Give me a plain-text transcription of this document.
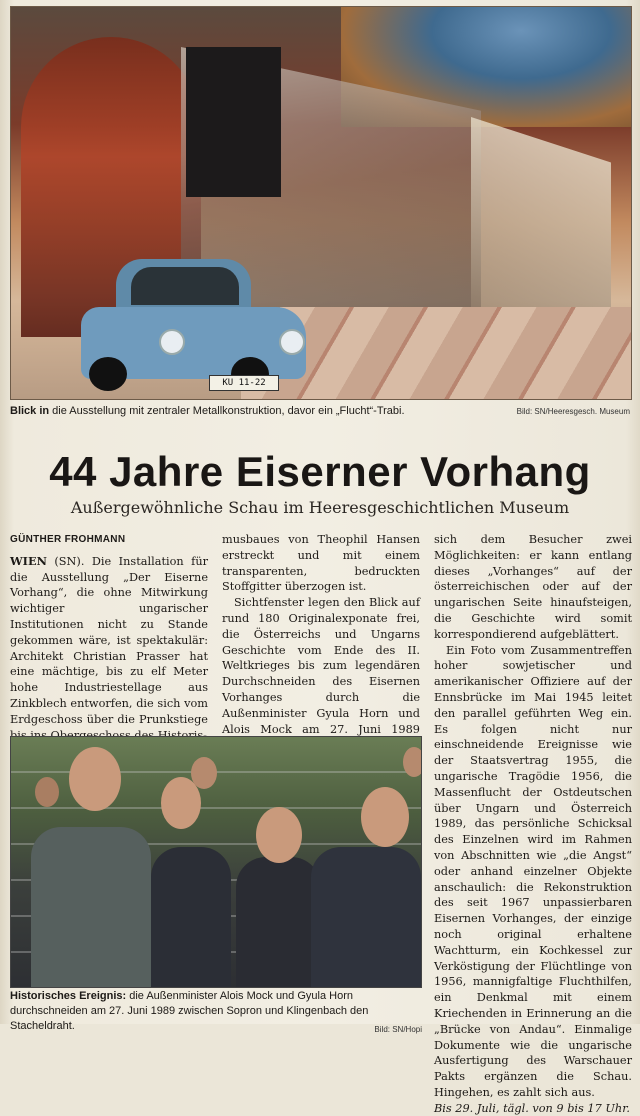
KU 11-22
Blick in die Ausstellung mit zentraler Metallkonstruktion, davor ein „Flucht“-Trabi.	Bild: SN/Heeresgesch. Museum
44 Jahre Eiserner Vorhang
Außergewöhnliche Schau im Heeresgeschichtlichen Museum

GÜNTHER FROHMANN

WIEN (SN). Die Installation für die Ausstellung „Der Eiserne Vorhang“, die ohne Mitwirkung wichtiger ungarischer Institutionen nicht zu Stande gekommen wäre, ist spektakulär: Architekt Christian Prasser hat eine mächtige, bis zu elf Meter hohe Industriestellage aus Zinkblech entworfen, die sich vom Erdgeschoss über die Prunkstiege

musbaues von Theophil Hansen erstreckt und mit einem transparenten, bedruckten Stoffgitter überzogen ist.

Sichtfenster legen den Blick auf rund 180 Originalexponate frei, die Österreichs und Ungarns Geschichte vom Ende des II. Weltkrieges bis zum legendären Durchschneiden des Eisernen Vorhanges durch die Außenminister Gyula Horn und Alois Mock am 27. Juni 1989

sich dem Besucher zwei Möglichkeiten: er kann entlang dieses „Vorhanges“ auf der österreichischen oder auf der ungarischen Seite hinaufsteigen, die Geschichte wird somit korrespondierend aufgeblättert.

Ein Foto vom Zusammentreffen hoher sowjetischer und amerikanischer Offiziere auf der Ennsbrücke im Mai 1945 leitet den parallel geführten Weg ein. Es folgen nicht nur einschneidende Ereignisse wie der Staatsvertrag 1955, die ungarische Tragödie 1956, die Massenflucht der Ostdeutschen über Ungarn und Österreich 1989, das persönliche Schicksal des Einzelnen wird im Rahmen von Abschnitten wie „die Angst“ oder anhand einzelner Objekte anschaulich: die Rekonstruktion des seit 1967 unpassierbaren Eisernen Vorhanges, der einzige noch original erhaltene Wachtturm, ein Kochkessel zur Verköstigung der Flüchtlinge von 1956, mannigfaltige Fluchthilfen, ein Denkmal mit einem Kriechenden in Erinnerung an die „Brücke von Andau“. Einmalige Dokumente wie die ungarische Ausfertigung des Warschauer Pakts ergänzen die Schau. Hingehen, es zahlt sich aus.

Bis 29. Juli, tägl. von 9 bis 17 Uhr.

Historisches Ereignis: die Außenminister Alois Mock und Gyula Horn durchschneiden am 27. Juni 1989 zwischen Sopron und Klingenbach den Stacheldraht.	Bild: SN/Hopi
